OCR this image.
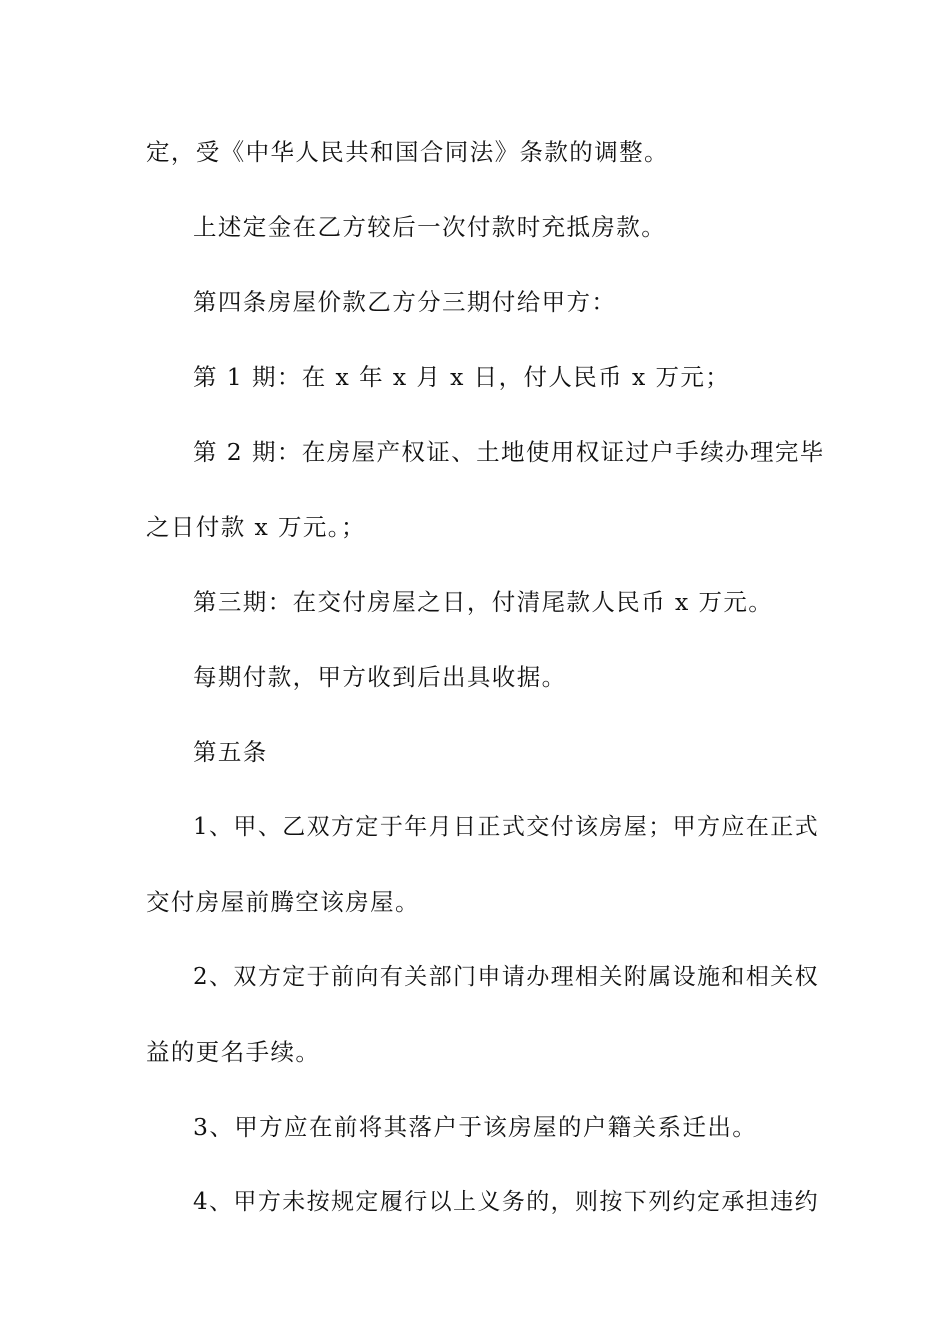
定，受《中华人民共和国合同法》条款的调整。
上述定金在乙方较后一次付款时充抵房款。
第四条房屋价款乙方分三期付给甲方：
第 1 期：在 x 年 x 月 x 日，付人民币 x 万元；
第 2 期：在房屋产权证、土地使用权证过户手续办理完毕
之日付款 x 万元。；
第三期：在交付房屋之日，付清尾款人民币 x 万元。
每期付款，甲方收到后出具收据。
第五条
1、甲、乙双方定于年月日正式交付该房屋；甲方应在正式
交付房屋前腾空该房屋。
2、双方定于前向有关部门申请办理相关附属设施和相关权
益的更名手续。
3、甲方应在前将其落户于该房屋的户籍关系迁出。
4、甲方未按规定履行以上义务的，则按下列约定承担违约
